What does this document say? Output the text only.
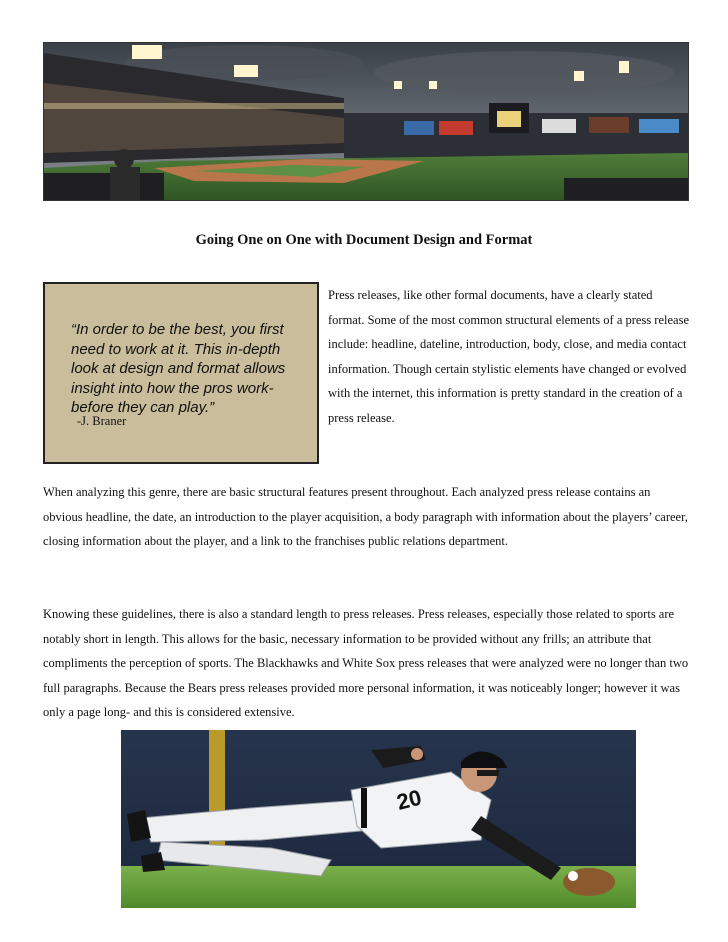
Going One on One with Document Design and Format
“In order to be the best, you first need to work at it. This in-depth look at design and format allows insight into how the pros work- before they can play.”
-J. Braner
Press releases, like other formal documents, have a clearly stated format. Some of the most common structural elements of a press release include: headline, dateline, introduction, body, close, and media contact information. Though certain stylistic elements have changed or evolved with the internet, this information is pretty standard in the creation of a press release.
When analyzing this genre, there are basic structural features present throughout. Each analyzed press release contains an obvious headline, the date, an introduction to the player acquisition, a body paragraph with information about the players’ career, closing information about the player, and a link to the franchises public relations department.
Knowing these guidelines, there is also a standard length to press releases. Press releases, especially those related to sports are notably short in length. This allows for the basic, necessary information to be provided without any frills; an attribute that compliments the perception of sports. The Blackhawks and White Sox press releases that were analyzed were no longer than two full paragraphs. Because the Bears press releases provided more personal information, it was noticeably longer; however it was only a page long- and this is considered extensive.
20
